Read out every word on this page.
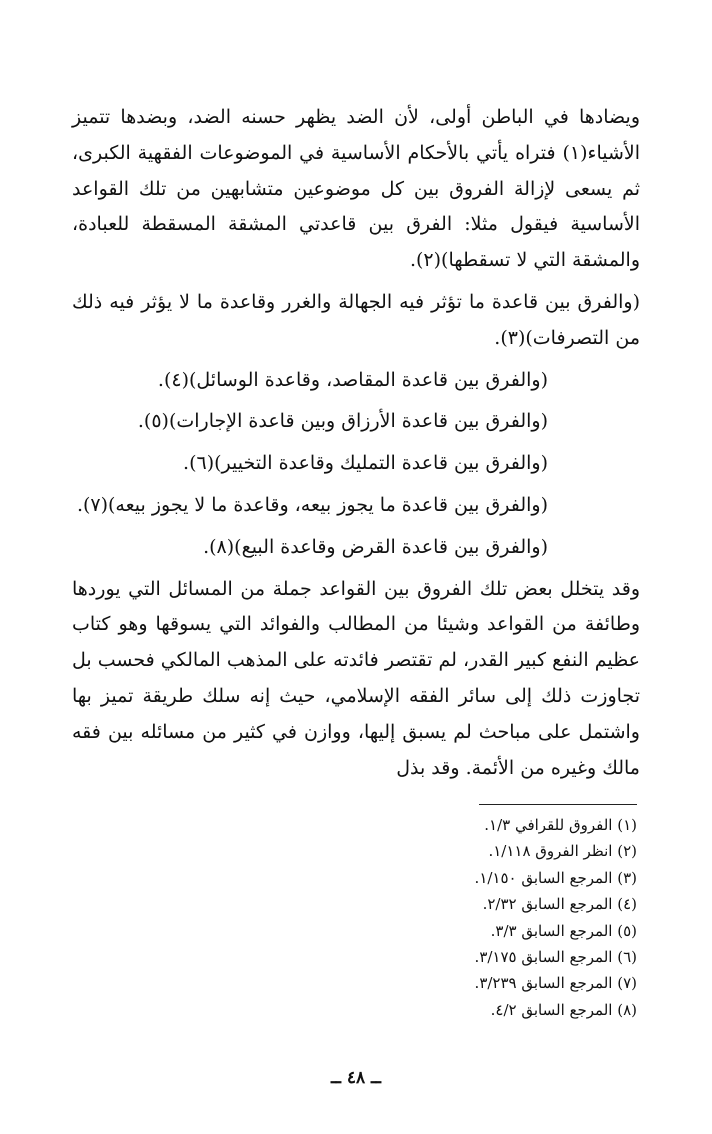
ويضادها في الباطن أولى، لأن الضد يظهر حسنه الضد، وبضدها تتميز الأشياء(١) فتراه يأتي بالأحكام الأساسية في الموضوعات الفقهية الكبرى، ثم يسعى لإزالة الفروق بين كل موضوعين متشابهين من تلك القواعد الأساسية فيقول مثلا: الفرق بين قاعدتي المشقة المسقطة للعبادة، والمشقة التي لا تسقطها)(٢).

(والفرق بين قاعدة ما تؤثر فيه الجهالة والغرر وقاعدة ما لا يؤثر فيه ذلك من التصرفات)(٣).

(والفرق بين قاعدة المقاصد، وقاعدة الوسائل)(٤).

(والفرق بين قاعدة الأرزاق وبين قاعدة الإجارات)(٥).

(والفرق بين قاعدة التمليك وقاعدة التخيير)(٦).

(والفرق بين قاعدة ما يجوز بيعه، وقاعدة ما لا يجوز بيعه)(٧).

(والفرق بين قاعدة القرض وقاعدة البيع)(٨).

وقد يتخلل بعض تلك الفروق بين القواعد جملة من المسائل التي يوردها وطائفة من القواعد وشيئا من المطالب والفوائد التي يسوقها وهو كتاب عظيم النفع كبير القدر، لم تقتصر فائدته على المذهب المالكي فحسب بل تجاوزت ذلك إلى سائر الفقه الإسلامي، حيث إنه سلك طريقة تميز بها واشتمل على مباحث لم يسبق إليها، ووازن في كثير من مسائله بين فقه مالك وغيره من الأئمة. وقد بذل

(١) الفروق للقرافي ١/٣.
(٢) انظر الفروق ١/١١٨.
(٣) المرجع السابق ١/١٥٠.
(٤) المرجع السابق ٢/٣٢.
(٥) المرجع السابق ٣/٣.
(٦) المرجع السابق ٣/١٧٥.
(٧) المرجع السابق ٣/٢٣٩.
(٨) المرجع السابق ٤/٢.
ــ ٤٨ ــ
